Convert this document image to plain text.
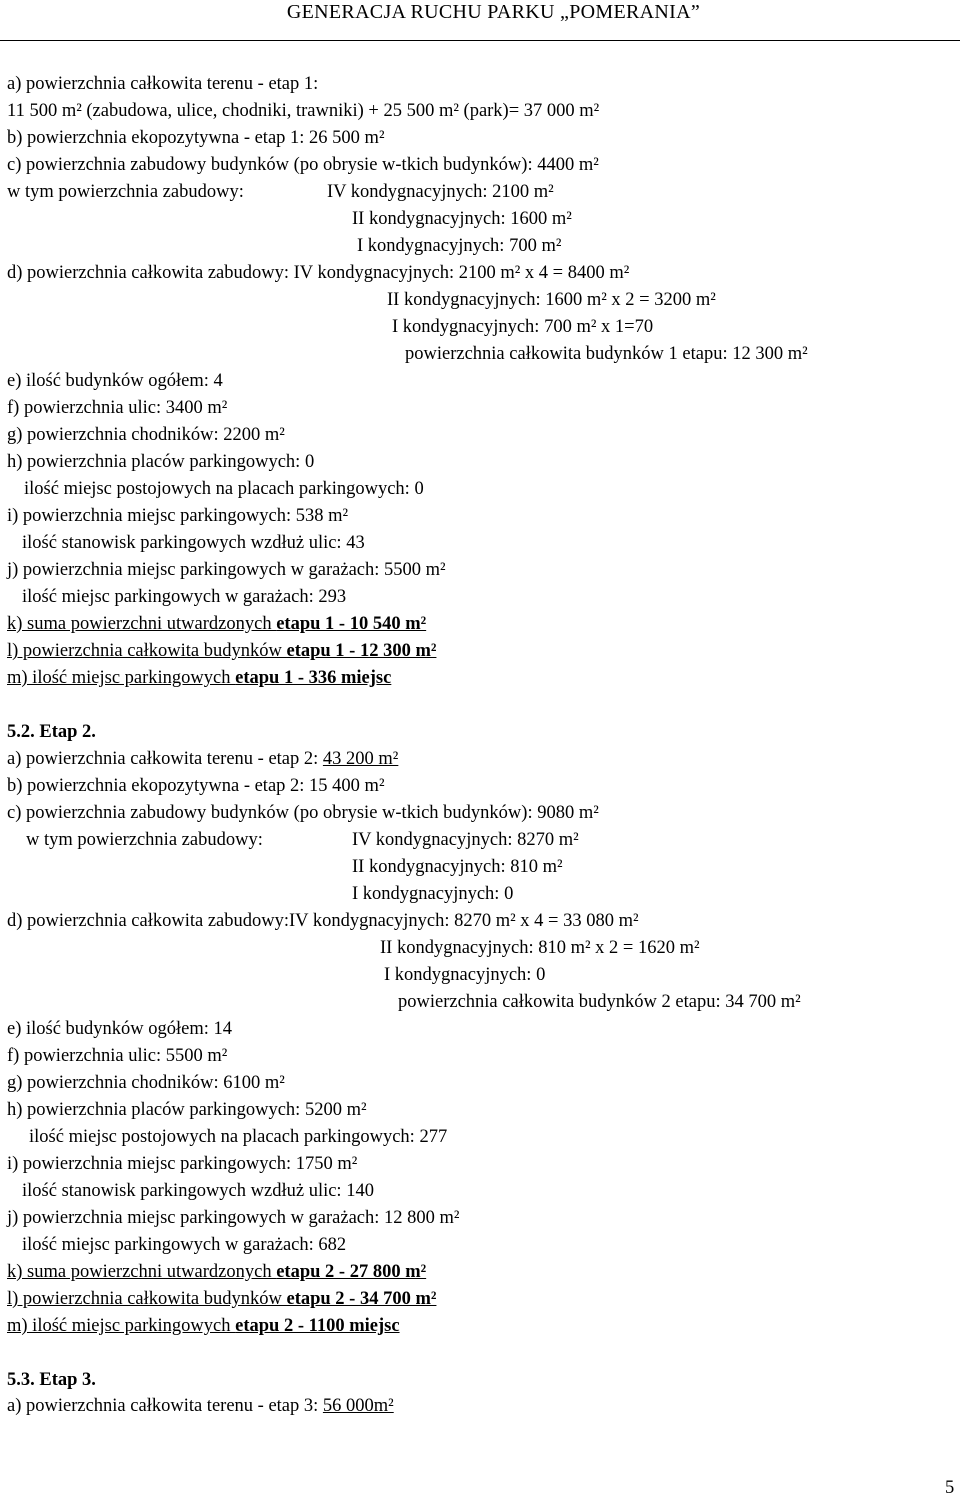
GENERACJA RUCHU PARKU „POMERANIA”
a) powierzchnia całkowita terenu - etap 1:
11 500 m² (zabudowa, ulice, chodniki, trawniki) + 25 500 m² (park)= 37 000 m²
b) powierzchnia ekopozytywna - etap 1: 26 500 m²
c) powierzchnia zabudowy budynków (po obrysie w-tkich budynków): 4400 m²
w tym powierzchnia zabudowy:	IV kondygnacyjnych: 2100 m²
II kondygnacyjnych: 1600 m²
I kondygnacyjnych: 700 m²
d) powierzchnia całkowita zabudowy: IV kondygnacyjnych: 2100 m² x 4 = 8400 m²
II kondygnacyjnych: 1600 m² x 2 = 3200 m²
I kondygnacyjnych: 700 m² x 1=70
powierzchnia całkowita budynków 1 etapu: 12 300 m²
e) ilość budynków ogółem: 4
f) powierzchnia ulic: 3400 m²
g) powierzchnia chodników: 2200 m²
h) powierzchnia placów parkingowych: 0
ilość miejsc postojowych na placach parkingowych: 0
i) powierzchnia miejsc parkingowych: 538 m²
ilość stanowisk parkingowych wzdłuż ulic: 43
j) powierzchnia miejsc parkingowych w garażach: 5500 m²
ilość miejsc parkingowych w garażach: 293
k) suma powierzchni utwardzonych etapu 1 - 10 540 m²
l) powierzchnia całkowita budynków etapu 1 - 12 300 m²
m) ilość miejsc parkingowych etapu 1 - 336 miejsc
5.2. Etap 2.
a) powierzchnia całkowita terenu - etap 2: 43 200 m²
b) powierzchnia ekopozytywna - etap 2: 15 400 m²
c) powierzchnia zabudowy budynków (po obrysie w-tkich budynków): 9080 m²
w tym powierzchnia zabudowy:	IV kondygnacyjnych: 8270 m²
II kondygnacyjnych: 810 m²
I kondygnacyjnych: 0
d) powierzchnia całkowita zabudowy:IV kondygnacyjnych: 8270 m² x 4 = 33 080 m²
II kondygnacyjnych: 810 m² x 2 = 1620 m²
I kondygnacyjnych: 0
powierzchnia całkowita budynków 2 etapu: 34 700 m²
e) ilość budynków ogółem: 14
f) powierzchnia ulic: 5500 m²
g) powierzchnia chodników: 6100 m²
h) powierzchnia placów parkingowych: 5200 m²
ilość miejsc postojowych na placach parkingowych: 277
i) powierzchnia miejsc parkingowych: 1750 m²
ilość stanowisk parkingowych wzdłuż ulic: 140
j) powierzchnia miejsc parkingowych w garażach: 12 800 m²
ilość miejsc parkingowych w garażach: 682
k) suma powierzchni utwardzonych etapu 2 - 27 800 m²
l) powierzchnia całkowita budynków etapu 2 - 34 700 m²
m) ilość miejsc parkingowych etapu 2 - 1100 miejsc
5.3. Etap 3.
a) powierzchnia całkowita terenu - etap 3: 56 000m²
5
